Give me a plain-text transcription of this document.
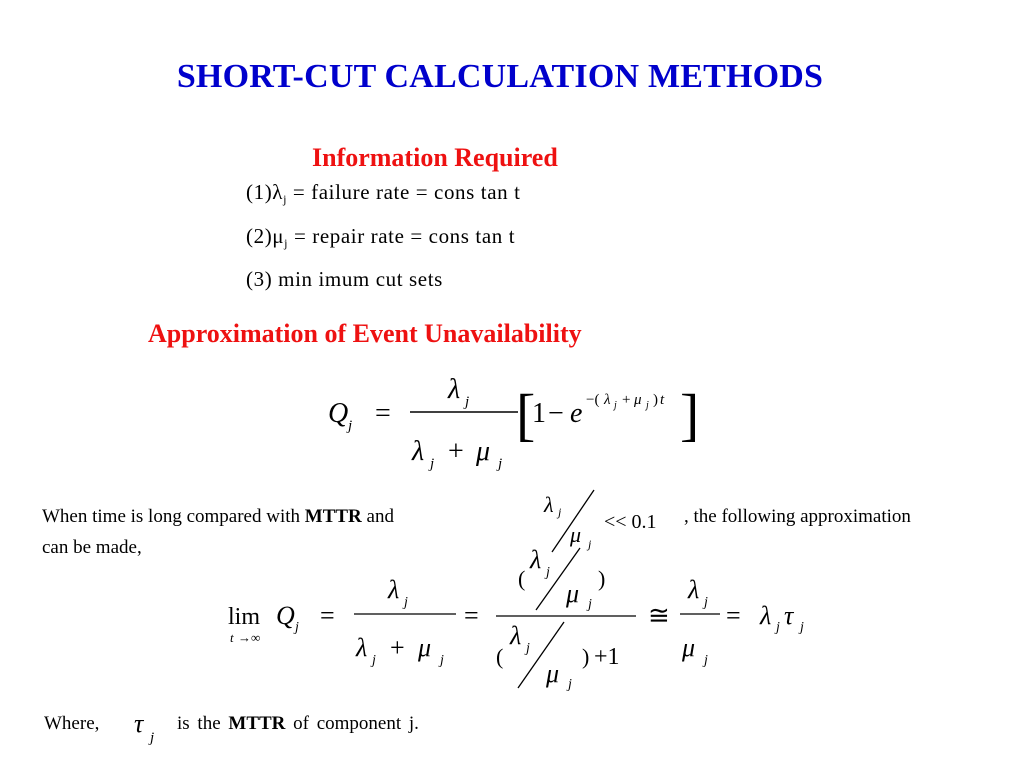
SHORT-CUT CALCULATION METHODS
Information Required
$(1)\lambda_j$ = failure rate = cons tan t
$(2)\mu_j$ = repair rate = cons tan t
(3) min imum cut sets
Approximation of Event Unavailability
Q j =
λ j
λ j + μ j
[
1 − e −( λ j + μ j ) t ]
When time is long compared with MTTR and
can be made,
λ j
μ j
<< 0.1 , the following approximation
lim
t →∞
Q j =
λ j
λ j + μ j
=
(
λ j
μ j
)
(
λ j
μ j
) +1
≅
λ j
μ j
= λ j τ j
Where, τ j
is the MTTR of component j.
